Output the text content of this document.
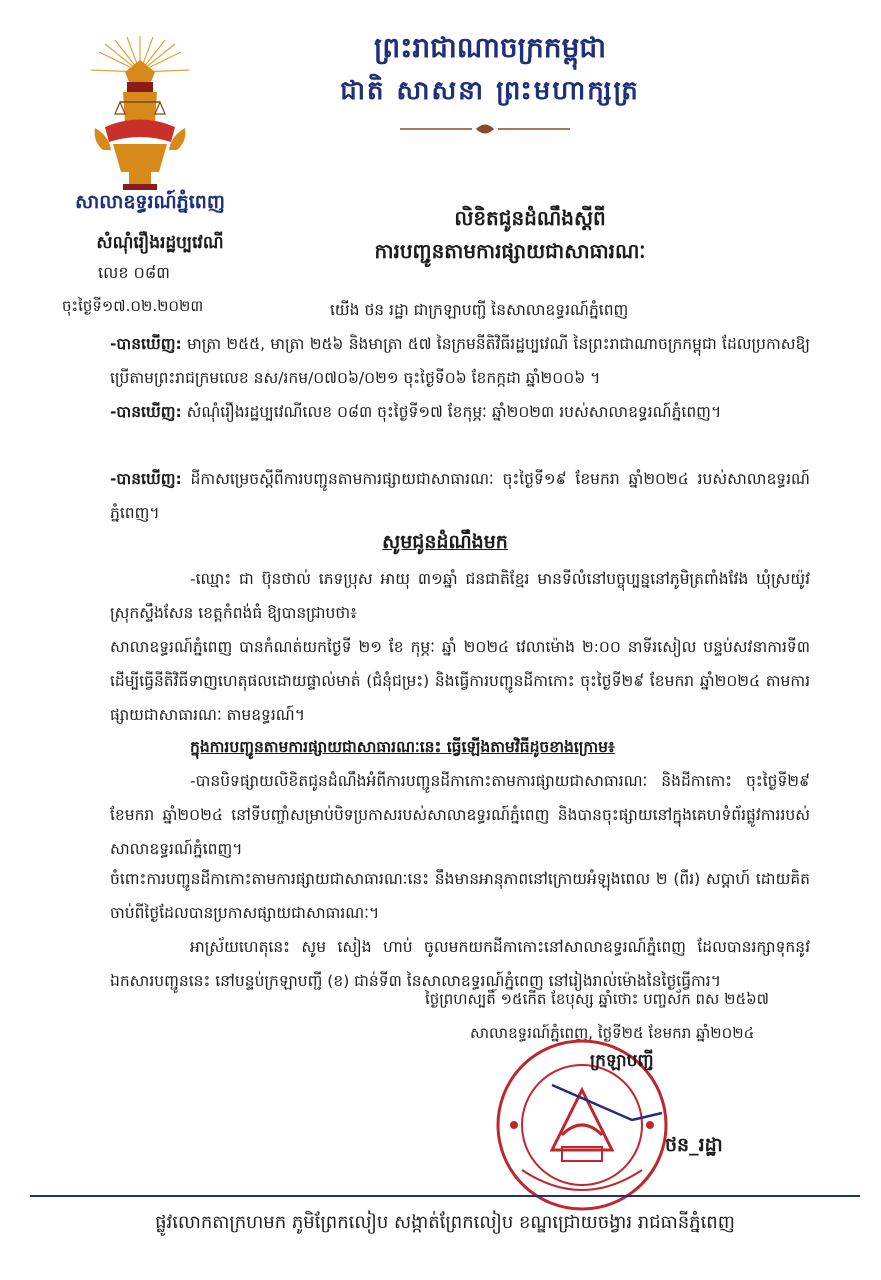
ព្រះរាជាណាចក្រកម្ពុជា
ជាតិ សាសនា ព្រះមហាក្សត្រ
សាលាឧទ្ធរណ៍ភ្នំពេញ
សំណុំរឿងរដ្ឋប្បវេណី
លេខ ០៨៣
ចុះថ្ងៃទី១៧.០២.២០២៣
លិខិតជូនដំណឹងស្តីពី
ការបញ្ជូនតាមការផ្សាយជាសាធារណៈ
យើង ថន រដ្ឋា ជាក្រឡាបញ្ជី នៃសាលាឧទ្ធរណ៍ភ្នំពេញ
-បានឃើញ: មាត្រា ២៥៥, មាត្រា ២៥៦ និងមាត្រា ៥៧ នៃក្រមនីតិវិធីរដ្ឋប្បវេណី នៃព្រះរាជាណាចក្រកម្ពុជា ដែលប្រកាសឱ្យប្រើតាមព្រះរាជក្រមលេខ នស/រកម/០៧០៦/០២១ ចុះថ្ងៃទី០៦ ខែកក្កដា ឆ្នាំ២០០៦ ។
-បានឃើញ: សំណុំរឿងរដ្ឋប្បវេណីលេខ ០៨៣ ចុះថ្ងៃទី១៧ ខែកុម្ភៈ ឆ្នាំ២០២៣ របស់សាលាឧទ្ធរណ៍ភ្នំពេញ។
-បានឃើញ: ដីកាសម្រេចស្តីពីការបញ្ជូនតាមការផ្សាយជាសាធារណៈ ចុះថ្ងៃទី១៩ ខែមករា ឆ្នាំ២០២៤ របស់សាលាឧទ្ធរណ៍ភ្នំពេញ។
សូមជូនដំណឹងមក
-ឈ្មោះ ជា ប៊ុនថាល់ ភេទប្រុស អាយុ ៣១ឆ្នាំ ជនជាតិខ្មែរ មានទីលំនៅបច្ចុប្បន្ននៅភូមិត្រពាំងវែង ឃុំស្រយ៉ូវ ស្រុកស្ទឹងសែន ខេត្តកំពង់ធំ ឱ្យបានជ្រាបថា៖
សាលាឧទ្ធរណ៍ភ្នំពេញ បានកំណត់យកថ្ងៃទី ២១ ខែ កុម្ភៈ ឆ្នាំ ២០២៤ វេលាម៉ោង ២:០០ នាទីរសៀល បន្ទប់សវនាការទី៣ ដើម្បីធ្វើនីតិវិធីទាញហេតុផលដោយផ្ទាល់មាត់ (ជំនុំជម្រះ) និងធ្វើការបញ្ជូនដីកាកោះ ចុះថ្ងៃទី២៩ ខែមករា ឆ្នាំ២០២៤ តាមការផ្សាយជាសាធារណៈ តាមឧទ្ធរណ៍។
ក្នុងការបញ្ជូនតាមការផ្សាយជាសាធារណៈនេះ ធ្វើឡើងតាមវិធីដូចខាងក្រោម៖
-បានបិទផ្សាយលិខិតជូនដំណឹងអំពីការបញ្ជូនដីកាកោះតាមការផ្សាយជាសាធារណៈ និងដីកាកោះ ចុះថ្ងៃទី២៩ ខែមករា ឆ្នាំ២០២៤ នៅទីបញ្ចាំសម្រាប់បិទប្រកាសរបស់សាលាឧទ្ធរណ៍ភ្នំពេញ និងបានចុះផ្សាយនៅក្នុងគេហទំព័រផ្លូវការរបស់សាលាឧទ្ធរណ៍ភ្នំពេញ។
ចំពោះការបញ្ជូនដីកាកោះតាមការផ្សាយជាសាធារណៈនេះ នឹងមានអានុភាពនៅក្រោយអំឡុងពេល ២ (ពីរ) សប្តាហ៍ ដោយគិតចាប់ពីថ្ងៃដែលបានប្រកាសផ្សាយជាសាធារណៈ។
អាស្រ័យហេតុនេះ សូម សៀង ហាប់ ចូលមកយកដីកាកោះនៅសាលាឧទ្ធរណ៍ភ្នំពេញ ដែលបានរក្សាទុកនូវឯកសារបញ្ជូននេះ នៅបន្ទប់ក្រឡាបញ្ជី (ខ) ជាន់ទី៣ នៃសាលាឧទ្ធរណ៍ភ្នំពេញ នៅរៀងរាល់ម៉ោងនៃថ្ងៃធ្វើការ។
ថ្ងៃព្រហស្បតិ៍ ១៥កើត ខែបុស្ស ឆ្នាំថោះ បញ្ចស័ក ពស ២៥៦៧
សាលាឧទ្ធរណ៍ភ្នំពេញ, ថ្ងៃទី២៥ ខែមករា ឆ្នាំ២០២៤
ក្រឡាបញ្ជី
ថន_រដ្ឋា
ផ្លូវលោកតាក្រហមក ភូមិព្រែកលៀប សង្កាត់ព្រែកលៀប ខណ្ឌជ្រោយចង្វារ រាជធានីភ្នំពេញ
